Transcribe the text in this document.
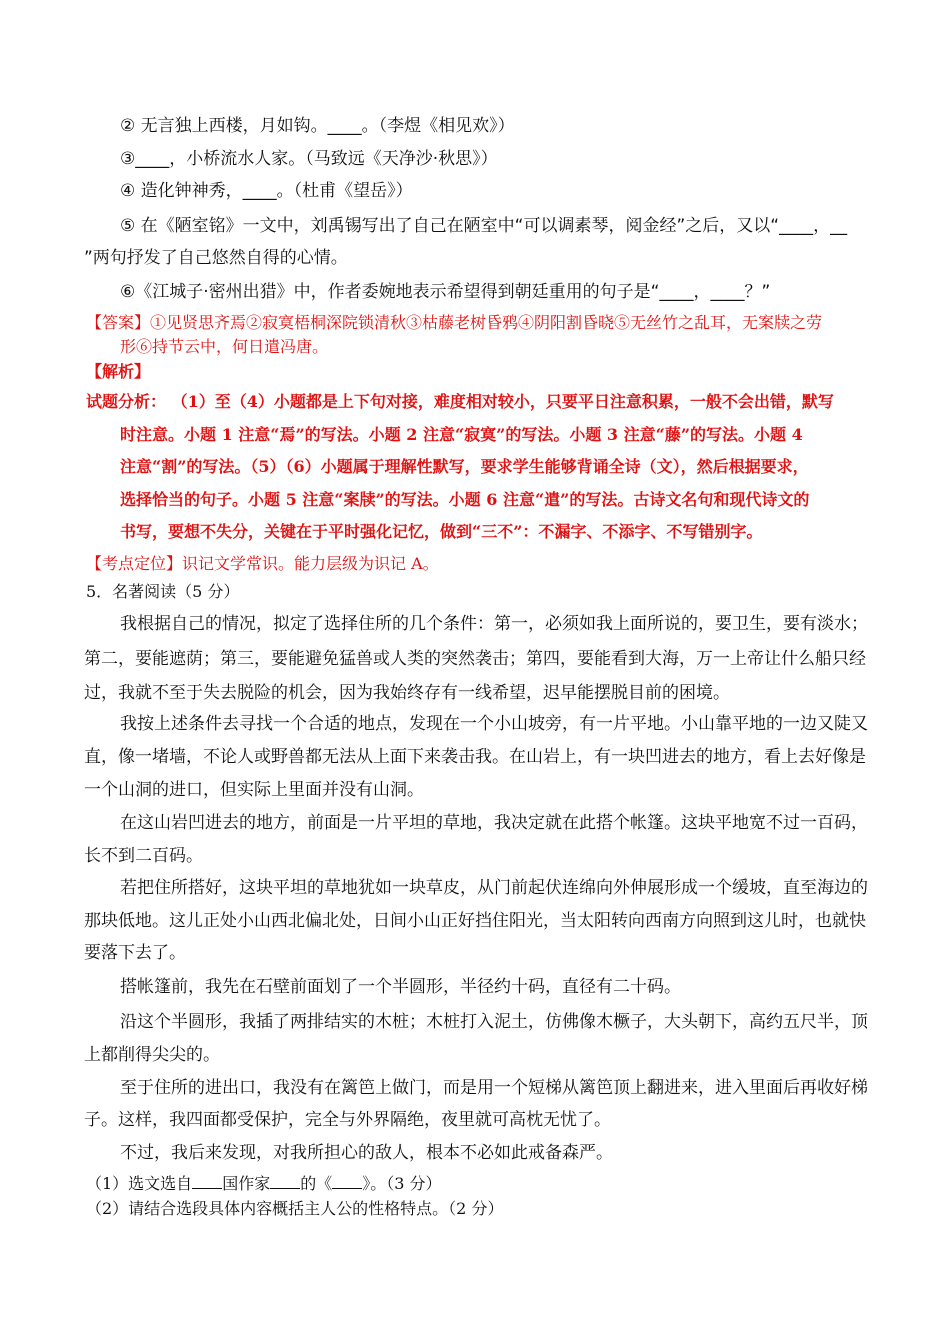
② 无言独上西楼，月如钩。____。（李煜《相见欢》）
③____，小桥流水人家。（马致远《天净沙·秋思》）
④ 造化钟神秀，____。（杜甫《望岳》）
⑤ 在《陋室铭》一文中，刘禹锡写出了自己在陋室中“可以调素琴，阅金经”之后，又以“____，__
”两句抒发了自己悠然自得的心情。
⑥《江城子·密州出猎》中，作者委婉地表示希望得到朝廷重用的句子是“____，____？”
【答案】①见贤思齐焉②寂寞梧桐深院锁清秋③枯藤老树昏鸦④阴阳割昏晓⑤无丝竹之乱耳，无案牍之劳
形⑥持节云中，何日遣冯唐。
【解析】
试题分析： （1）至（4）小题都是上下句对接，难度相对较小，只要平日注意积累，一般不会出错，默写
时注意。小题 1 注意“焉”的写法。小题 2 注意“寂寞”的写法。小题 3 注意“藤”的写法。小题 4
注意“割”的写法。（5）（6）小题属于理解性默写，要求学生能够背诵全诗（文），然后根据要求，
选择恰当的句子。小题 5 注意“案牍”的写法。小题 6 注意“遣”的写法。古诗文名句和现代诗文的
书写，要想不失分，关键在于平时强化记忆，做到“三不”：不漏字、不添字、不写错别字。
【考点定位】识记文学常识。能力层级为识记 A。
5．名著阅读（5 分）
我根据自己的情况，拟定了选择住所的几个条件：第一，必须如我上面所说的，要卫生，要有淡水；
第二，要能遮荫；第三，要能避免猛兽或人类的突然袭击；第四，要能看到大海，万一上帝让什么船只经
过，我就不至于失去脱险的机会，因为我始终存有一线希望，迟早能摆脱目前的困境。
我按上述条件去寻找一个合适的地点，发现在一个小山坡旁，有一片平地。小山靠平地的一边又陡又
直，像一堵墙，不论人或野兽都无法从上面下来袭击我。在山岩上，有一块凹进去的地方，看上去好像是
一个山洞的进口，但实际上里面并没有山洞。
在这山岩凹进去的地方，前面是一片平坦的草地，我决定就在此搭个帐篷。这块平地宽不过一百码，
长不到二百码。
若把住所搭好，这块平坦的草地犹如一块草皮，从门前起伏连绵向外伸展形成一个缓坡，直至海边的
那块低地。这儿正处小山西北偏北处，日间小山正好挡住阳光，当太阳转向西南方向照到这儿时，也就快
要落下去了。
搭帐篷前，我先在石壁前面划了一个半圆形，半径约十码，直径有二十码。
沿这个半圆形，我插了两排结实的木桩；木桩打入泥土，仿佛像木橛子，大头朝下，高约五尺半，顶
上都削得尖尖的。
至于住所的进出口，我没有在篱笆上做门，而是用一个短梯从篱笆顶上翻进来，进入里面后再收好梯
子。这样，我四面都受保护，完全与外界隔绝，夜里就可高枕无忧了。
不过，我后来发现，对我所担心的敌人，根本不必如此戒备森严。
（1）选文选自 国作家 的《 》。（3 分）
（2）请结合选段具体内容概括主人公的性格特点。（2 分）
